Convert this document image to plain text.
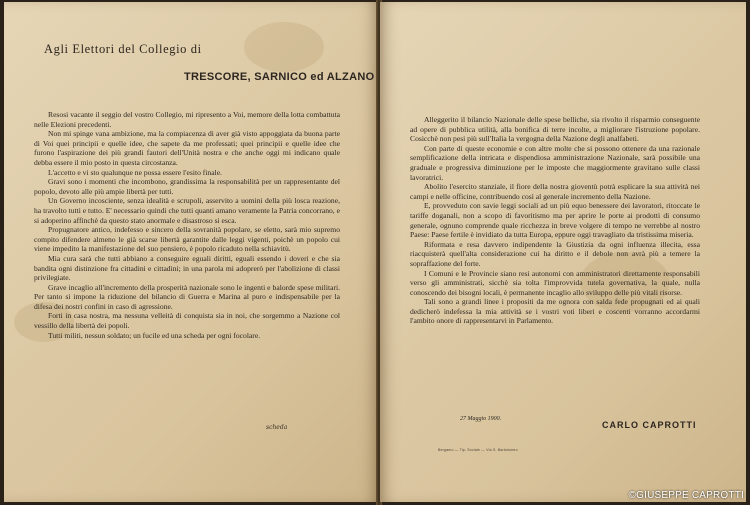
Agli Elettori del Collegio di
TRESCORE, SARNICO ed ALZANO

Resosi vacante il seggio del vostro Collegio, mi ripresento a Voi, memore della lotta combattuta nelle Elezioni precedenti.

Non mi spinge vana ambizione, ma la compiacenza di aver già visto appoggiata da buona parte di Voi quei principii e quelle idee, che sapete da me professati; quei principii e quelle idee che furono l'aspirazione dei più grandi fautori dell'Unità nostra e che anche oggi mi indicano quale debba essere il mio posto in questa circostanza.

L'accetto e vi sto qualunque ne possa essere l'esito finale.

Gravi sono i momenti che incombono, grandissima la responsabilità per un rappresentante del popolo, devoto alle più ampie libertà per tutti.

Un Governo incosciente, senza idealità e scrupoli, asservito a uomini della più losca reazione, ha travolto tutti e tutto. E' necessario quindi che tutti quanti amano veramente la Patria concorrano, e si adoperino affinchè da questo stato anormale e disastroso si esca.

Propugnatore antico, indefesso e sincero della sovranità popolare, se eletto, sarà mio supremo compito difendere almeno le già scarse libertà garantite dalle leggi vigenti, poichè un popolo cui viene impedito la manifestazione del suo pensiero, è popolo ricaduto nella schiavitù.

Mia cura sarà che tutti abbiano a conseguire eguali diritti, eguali essendo i doveri e che sia bandita ogni distinzione fra cittadini e cittadini; in una parola mi adoprerò per l'abolizione di classi privilegiate.

Grave incaglio all'incremento della prosperità nazionale sono le ingenti e balorde spese militari. Per tanto si impone la riduzione del bilancio di Guerra e Marina al puro e indispensabile per la difesa dei nostri confini in caso di agressione.

Forti in casa nostra, ma nessuna velleità di conquista sia in noi, che sorgemmo a Nazione col vessillo della libertà dei popoli.

Tutti militi, nessun soldato; un fucile ed una scheda per ogni focolare.

scheda

Alleggerito il bilancio Nazionale delle spese belliche, sia rivolto il risparmio conseguente ad opere di pubblica utilità, alla bonifica di terre incolte, a migliorare l'istruzione popolare. Cosicchè non pesi più sull'Italia la vergogna della Nazione degli analfabeti.

Con parte di queste economie e con altre molte che si possono ottenere da una razionale semplificazione della intricata e dispendiosa amministrazione Nazionale, sarà possibile una graduale e progressiva diminuzione per le imposte che maggiormente gravitano sulle classi lavoratrici.

Abolito l'esercito stanziale, il fiore della nostra gioventù potrà esplicare la sua attività nei campi e nelle officine, contribuendo così al generale incremento della Nazione.

E, provveduto con savie leggi sociali ad un più equo benessere dei lavoratori, ritoccate le tariffe doganali, non a scopo di favoritismo ma per aprire le porte ai prodotti di consumo generale, ognuno comprende quale ricchezza in breve volgere di tempo ne verrebbe al nostro Paese: Paese fertile è invidiato da tutta Europa, eppure oggi travagliato da tristissima miseria.

Riformata e resa davvero indipendente la Giustizia da ogni influenza illecita, essa riacquisterà quell'alta considerazione cui ha diritto e il debole non avrà più a temere la sopraffazione del forte.

I Comuni e le Provincie siano resi autonomi con amministratori direttamente responsabili verso gli amministrati, sicchè sia tolta l'improvvida tutela governativa, la quale, nulla conoscendo dei bisogni locali, è permanente incaglio allo sviluppo delle più vitali risorse.

Tali sono a grandi linee i propositi da me ognora con salda fede propugnati ed ai quali dedicherò indefessa la mia attività se i vostri voti liberi e coscenti vorranno accordarmi l'ambito onore di rappresentarvi in Parlamento.

27 Maggio 1900.

CARLO CAPROTTI

Bergamo — Tip. Sociale — Via S. Bartolomeo
©GIUSEPPE CAPROTTI
